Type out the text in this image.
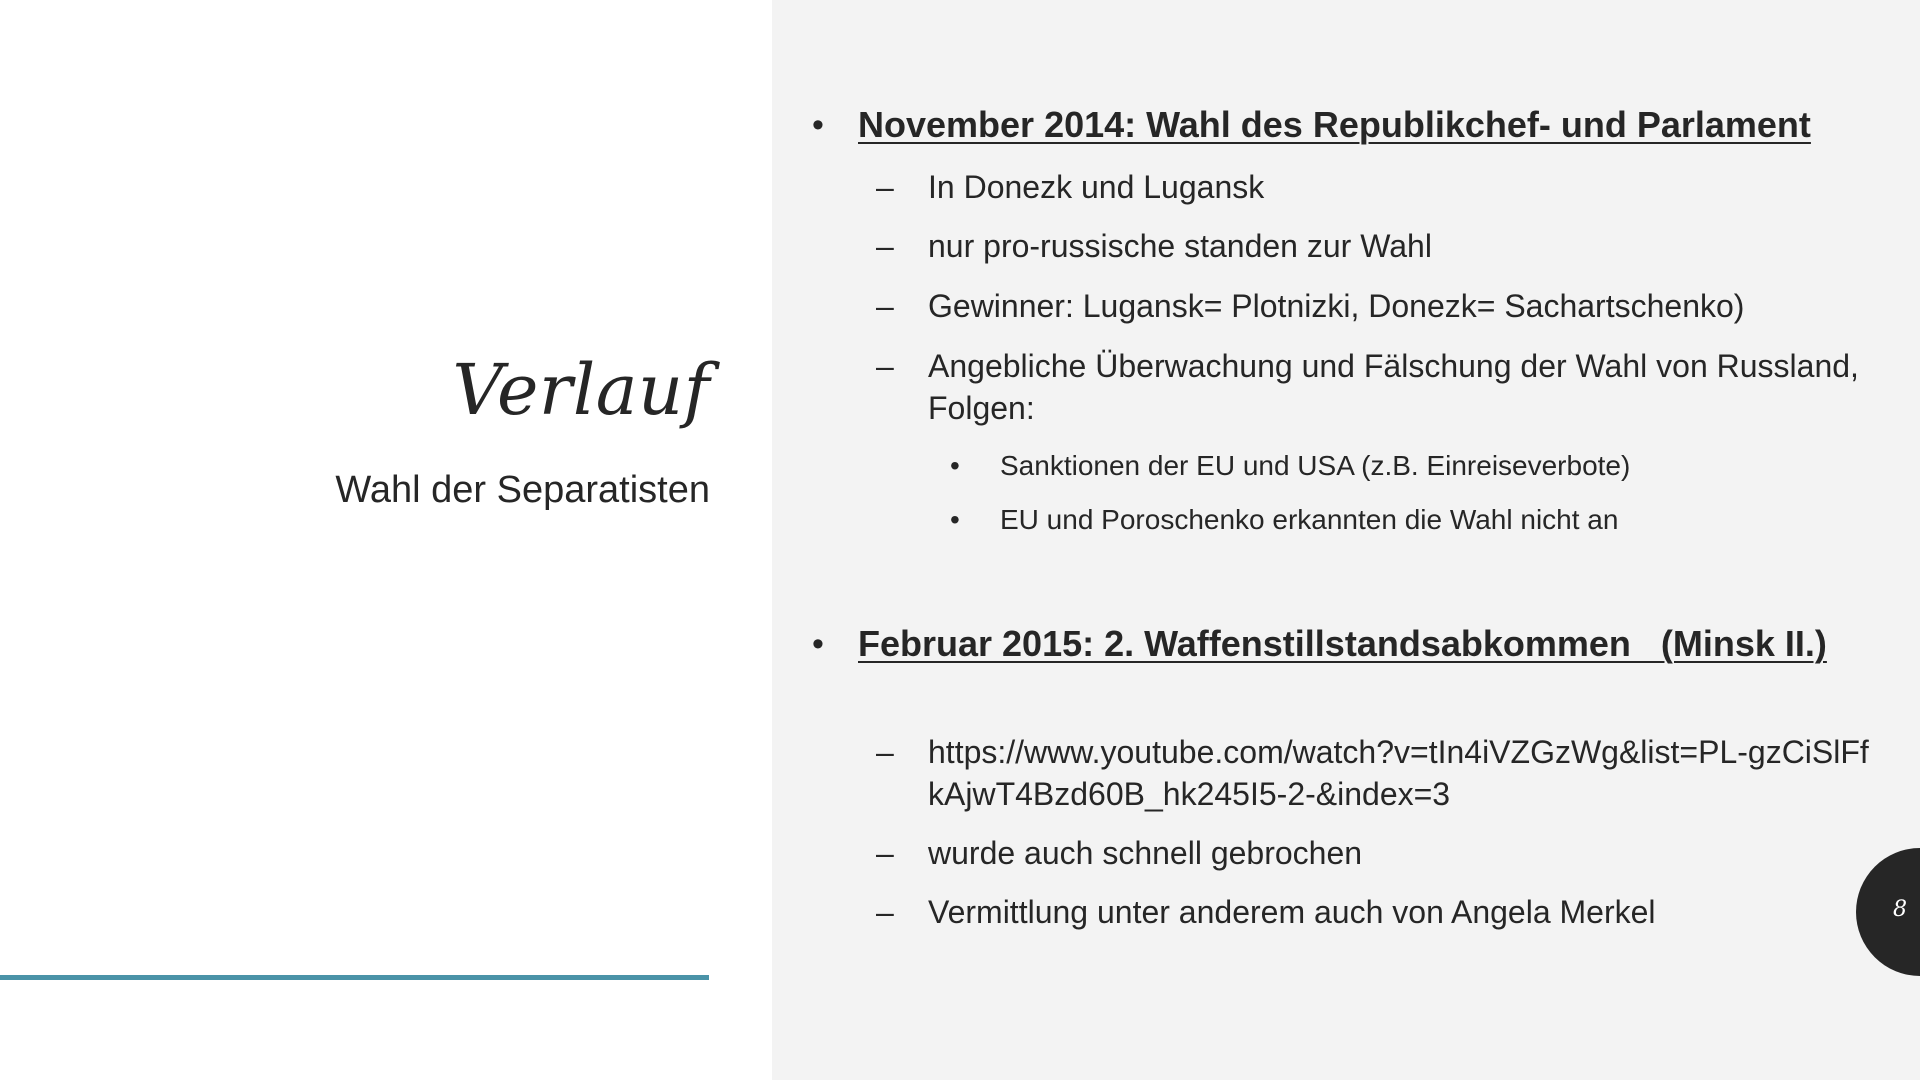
Verlauf
Wahl der Separatisten
• November 2014: Wahl des Republikchef- und Parlament
–	In Donezk und Lugansk
–	nur pro-russische standen zur Wahl
–	Gewinner: Lugansk= Plotnizki, Donezk= Sachartschenko)
–	Angebliche Überwachung und Fälschung der Wahl von Russland, Folgen:
•	Sanktionen der EU und USA (z.B. Einreiseverbote)
•	EU und Poroschenko erkannten die Wahl nicht an
• Februar 2015: 2. Waffenstillstandsabkommen   (Minsk II.)
–	https://www.youtube.com/watch?v=tIn4iVZGzWg&list=PL-gzCiSlFfkAjwT4Bzd60B_hk245I5-2-&index=3
–	wurde auch schnell gebrochen
–	Vermittlung unter anderem auch von Angela Merkel	8
